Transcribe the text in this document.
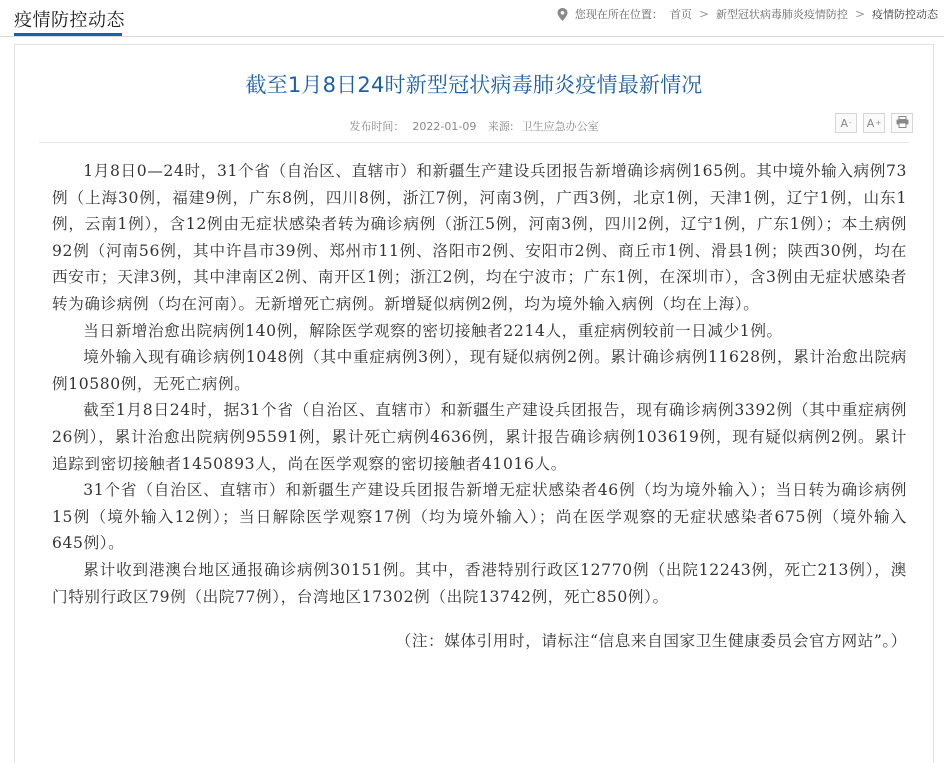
疫情防控动态	您现在所在位置： 首页 > 新型冠状病毒肺炎疫情防控 > 疫情防控动态
截至1月8日24时新型冠状病毒肺炎疫情最新情况
发布时间： 2022-01-09 来源: 卫生应急办公室	A - A +

1月8日0—24时，31个省（自治区、直辖市）和新疆生产建设兵团报告新增确诊病例165例。其中境外输入病例73例（上海30例，福建9例，广东8例，四川8例，浙江7例，河南3例，广西3例，北京1例，天津1例，辽宁1例，山东1例，云南1例），含12例由无症状感染者转为确诊病例（浙江5例，河南3例，四川2例，辽宁1例，广东1例）；本土病例92例（河南56例，其中许昌市39例、郑州市11例、洛阳市2例、安阳市2例、商丘市1例、滑县1例；陕西30例，均在西安市；天津3例，其中津南区2例、南开区1例；浙江2例，均在宁波市；广东1例，在深圳市），含3例由无症状感染者转为确诊病例（均在河南）。无新增死亡病例。新增疑似病例2例，均为境外输入病例（均在上海）。

当日新增治愈出院病例140例，解除医学观察的密切接触者2214人，重症病例较前一日减少1例。

境外输入现有确诊病例1048例（其中重症病例3例），现有疑似病例2例。累计确诊病例11628例，累计治愈出院病例10580例，无死亡病例。

截至1月8日24时，据31个省（自治区、直辖市）和新疆生产建设兵团报告，现有确诊病例3392例（其中重症病例26例），累计治愈出院病例95591例，累计死亡病例4636例，累计报告确诊病例103619例，现有疑似病例2例。累计追踪到密切接触者1450893人，尚在医学观察的密切接触者41016人。

31个省（自治区、直辖市）和新疆生产建设兵团报告新增无症状感染者46例（均为境外输入）；当日转为确诊病例15例（境外输入12例）；当日解除医学观察17例（均为境外输入）；尚在医学观察的无症状感染者675例（境外输入645例）。

累计收到港澳台地区通报确诊病例30151例。其中，香港特别行政区12770例（出院12243例，死亡213例），澳门特别行政区79例（出院77例），台湾地区17302例（出院13742例，死亡850例）。

（注：媒体引用时，请标注“信息来自国家卫生健康委员会官方网站”。）
